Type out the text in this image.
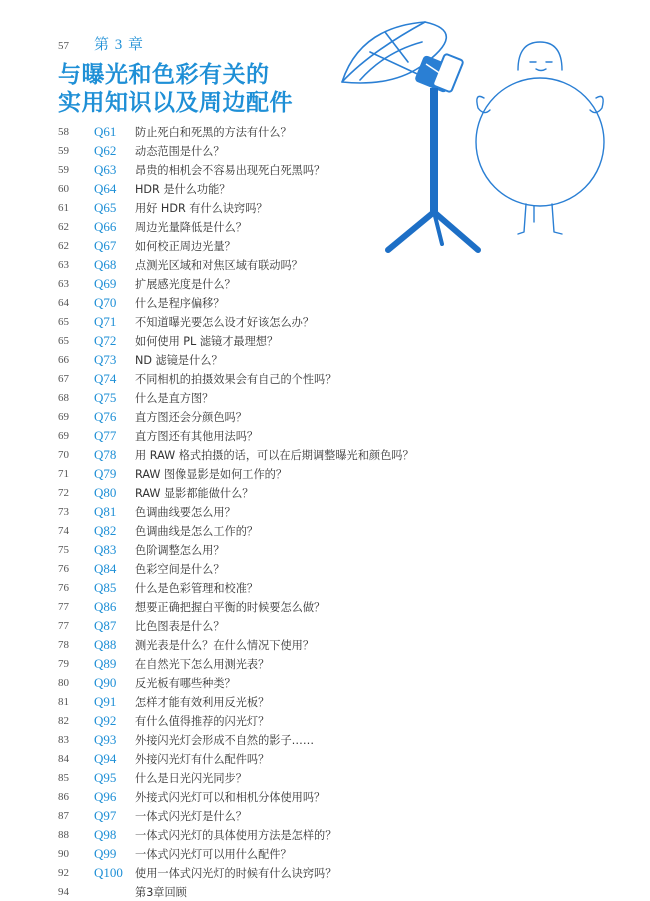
57	第 3 章
与曝光和色彩有关的
实用知识以及周边配件
58	Q61	防止死白和死黑的方法有什么？
59	Q62	动态范围是什么？
59	Q63	昂贵的相机会不容易出现死白死黑吗？
60	Q64	HDR 是什么功能？
61	Q65	用好 HDR 有什么诀窍吗？
62	Q66	周边光量降低是什么？
62	Q67	如何校正周边光量？
63	Q68	点测光区域和对焦区域有联动吗？
63	Q69	扩展感光度是什么？
64	Q70	什么是程序偏移？
65	Q71	不知道曝光要怎么设才好该怎么办？
65	Q72	如何使用 PL 滤镜才最理想？
66	Q73	ND 滤镜是什么？
67	Q74	不同相机的拍摄效果会有自己的个性吗？
68	Q75	什么是直方图？
69	Q76	直方图还会分颜色吗？
69	Q77	直方图还有其他用法吗？
70	Q78	用 RAW 格式拍摄的话，可以在后期调整曝光和颜色吗？
71	Q79	RAW 图像显影是如何工作的？
72	Q80	RAW 显影都能做什么？
73	Q81	色调曲线要怎么用？
74	Q82	色调曲线是怎么工作的？
75	Q83	色阶调整怎么用？
76	Q84	色彩空间是什么？
76	Q85	什么是色彩管理和校准？
77	Q86	想要正确把握白平衡的时候要怎么做？
77	Q87	比色图表是什么？
78	Q88	测光表是什么？在什么情况下使用？
79	Q89	在自然光下怎么用测光表？
80	Q90	反光板有哪些种类？
81	Q91	怎样才能有效利用反光板？
82	Q92	有什么值得推荐的闪光灯？
83	Q93	外接闪光灯会形成不自然的影子……
84	Q94	外接闪光灯有什么配件吗？
85	Q95	什么是日光闪光同步？
86	Q96	外接式闪光灯可以和相机分体使用吗？
87	Q97	一体式闪光灯是什么？
88	Q98	一体式闪光灯的具体使用方法是怎样的？
90	Q99	一体式闪光灯可以用什么配件？
92	Q100	使用一体式闪光灯的时候有什么诀窍吗？
94	第3章回顾
